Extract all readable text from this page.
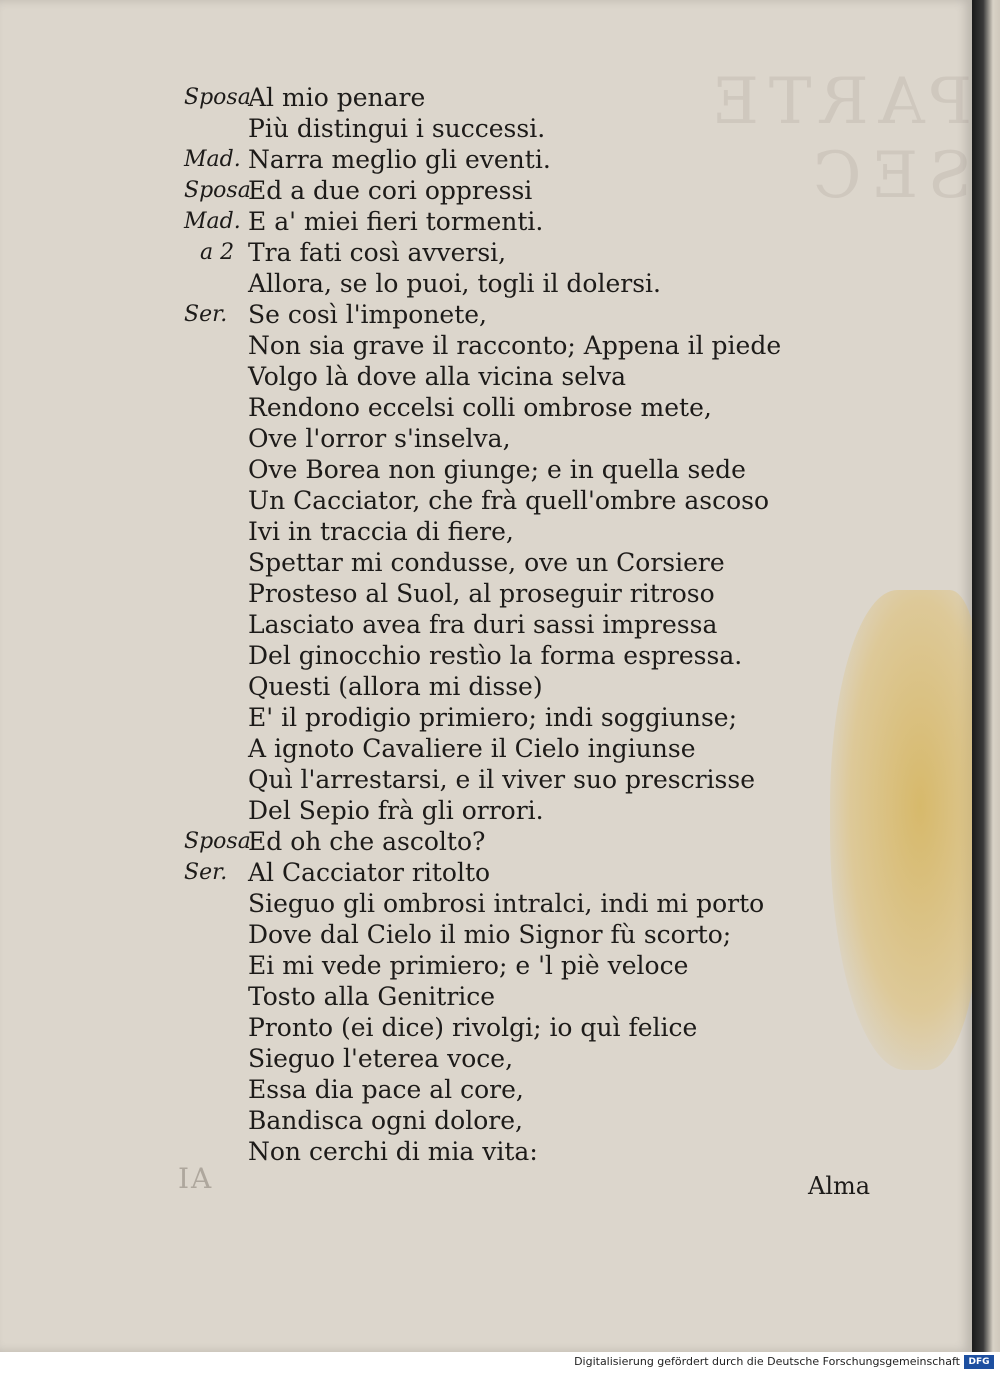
PARTE SEC
Sposa
Al mio penare
Più distingui i successi.
Mad. Narra meglio gli eventi.
Sposa
Ed a due cori oppressi
Mad. E a' miei fieri tormenti.
a 2 Tra fati così avversi,
Allora, se lo puoi, togli il dolersi.
Ser. Se così l'imponete,
Non sia grave il racconto; Appena il piede
Volgo là dove alla vicina selva
Rendono eccelsi colli ombrose mete,
Ove l'orror s'inselva,
Ove Borea non giunge; e in quella sede
Un Cacciator, che frà quell'ombre ascoso
Ivi in traccia di fiere,
Spettar mi condusse, ove un Corsiere
Prosteso al Suol, al proseguir ritroso
Lasciato avea fra duri sassi impressa
Del ginocchio restìo la forma espressa.
Questi (allora mi disse)
E' il prodigio primiero; indi soggiunse;
A ignoto Cavaliere il Cielo ingiunse
Quì l'arrestarsi, e il viver suo prescrisse
Del Sepio frà gli orrori.
Sposa
Ed oh che ascolto?
Ser. Al Cacciator ritolto
Sieguo gli ombrosi intralci, indi mi porto
Dove dal Cielo il mio Signor fù scorto;
Ei mi vede primiero; e 'l piè veloce
Tosto alla Genitrice
Pronto (ei dice) rivolgi; io quì felice
Sieguo l'eterea voce,
Essa dia pace al core,
Bandisca ogni dolore,
Non cerchi di mia vita:
IA	Alma
Digitalisierung gefördert durch die Deutsche Forschungsgemeinschaft DFG
